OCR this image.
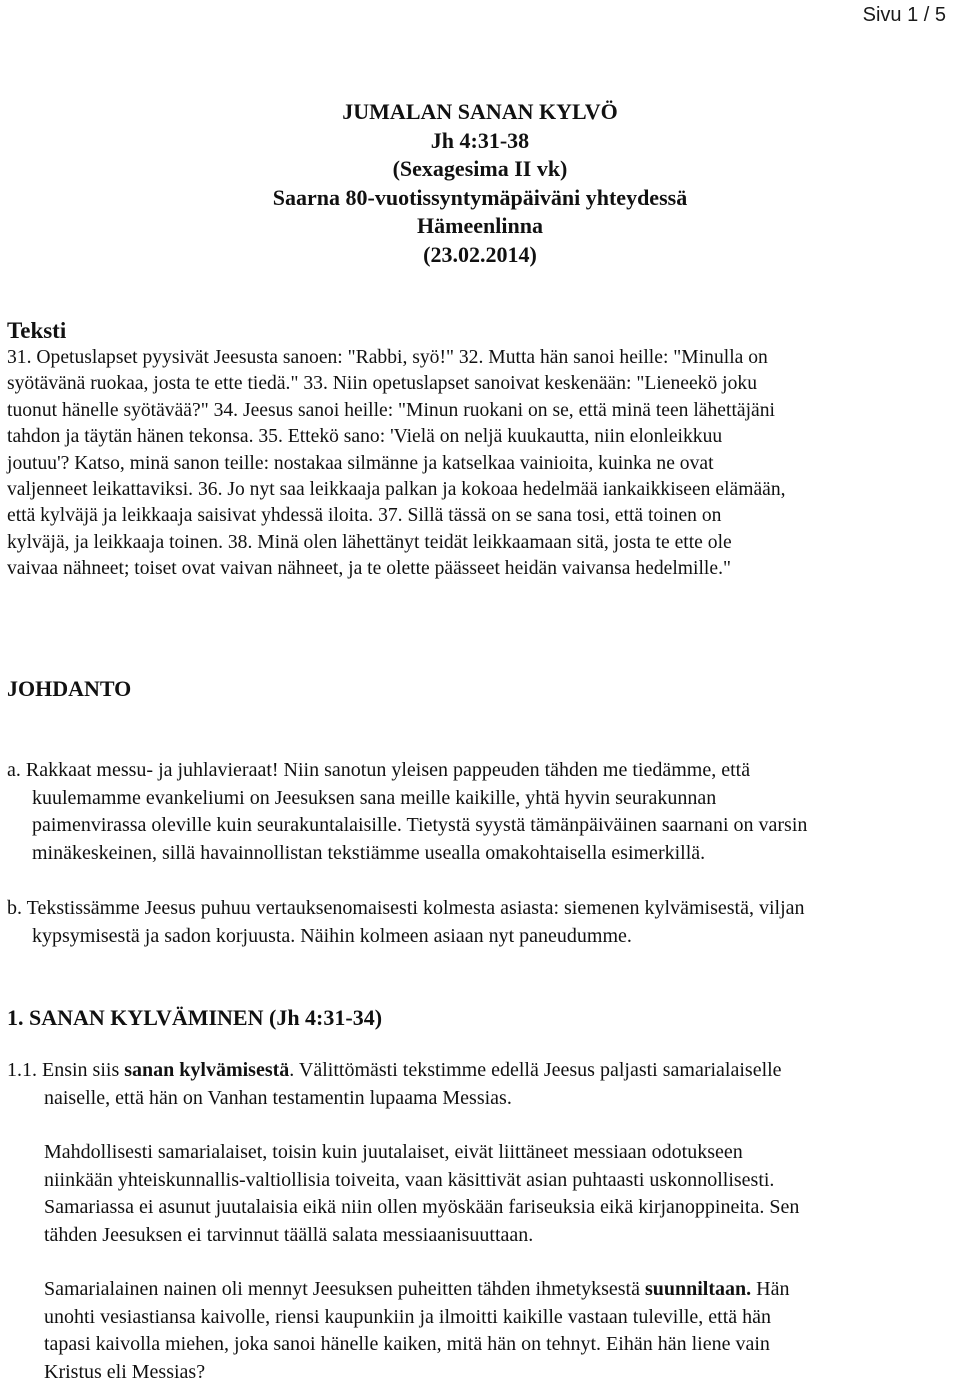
Sivu 1 / 5
JUMALAN SANAN KYLVÖ
Jh 4:31-38
(Sexagesima II vk)
Saarna 80-vuotissyntymäpäiväni yhteydessä
Hämeenlinna
(23.02.2014)
Teksti
31. Opetuslapset pyysivät Jeesusta sanoen: "Rabbi, syö!" 32. Mutta hän sanoi heille: "Minulla on
syötävänä ruokaa, josta te ette tiedä." 33. Niin opetuslapset sanoivat keskenään: "Lieneekö joku
tuonut hänelle syötävää?" 34. Jeesus sanoi heille: "Minun ruokani on se, että minä teen lähettäjäni
tahdon ja täytän hänen tekonsa. 35. Ettekö sano: 'Vielä on neljä kuukautta, niin elonleikkuu
joutuu'? Katso, minä sanon teille: nostakaa silmänne ja katselkaa vainioita, kuinka ne ovat
valjenneet leikattaviksi. 36. Jo nyt saa leikkaaja palkan ja kokoaa hedelmää iankaikkiseen elämään,
että kylväjä ja leikkaaja saisivat yhdessä iloita. 37. Sillä tässä on se sana tosi, että toinen on
kylväjä, ja leikkaaja toinen. 38. Minä olen lähettänyt teidät leikkaamaan sitä, josta te ette ole
vaivaa nähneet; toiset ovat vaivan nähneet, ja te olette päässeet heidän vaivansa hedelmille."
JOHDANTO
a. Rakkaat messu- ja juhlavieraat! Niin sanotun yleisen pappeuden tähden me tiedämme, että
kuulemamme evankeliumi on Jeesuksen sana meille kaikille, yhtä hyvin seurakunnan
paimenvirassa oleville kuin seurakuntalaisille. Tietystä syystä tämänpäiväinen saarnani on varsin
minäkeskeinen, sillä havainnollistan tekstiämme usealla omakohtaisella esimerkillä.
b. Tekstissämme Jeesus puhuu vertauksenomaisesti kolmesta asiasta: siemenen kylvämisestä, viljan
kypsymisestä ja sadon korjuusta. Näihin kolmeen asiaan nyt paneudumme.
1. SANAN KYLVÄMINEN (Jh 4:31-34)
1.1. Ensin siis sanan kylvämisestä. Välittömästi tekstimme edellä Jeesus paljasti samarialaiselle
naiselle, että hän on Vanhan testamentin lupaama Messias.
Mahdollisesti samarialaiset, toisin kuin juutalaiset, eivät liittäneet messiaan odotukseen
niinkään yhteiskunnallis-valtiollisia toiveita, vaan käsittivät asian puhtaasti uskonnollisesti.
Samariassa ei asunut juutalaisia eikä niin ollen myöskään fariseuksia eikä kirjanoppineita. Sen
tähden Jeesuksen ei tarvinnut täällä salata messiaanisuuttaan.
Samarialainen nainen oli mennyt Jeesuksen puheitten tähden ihmetyksestä suunniltaan. Hän
unohti vesiastiansa kaivolle, riensi kaupunkiin ja ilmoitti kaikille vastaan tuleville, että hän
tapasi kaivolla miehen, joka sanoi hänelle kaiken, mitä hän on tehnyt. Eihän hän liene vain
Kristus eli Messias?
